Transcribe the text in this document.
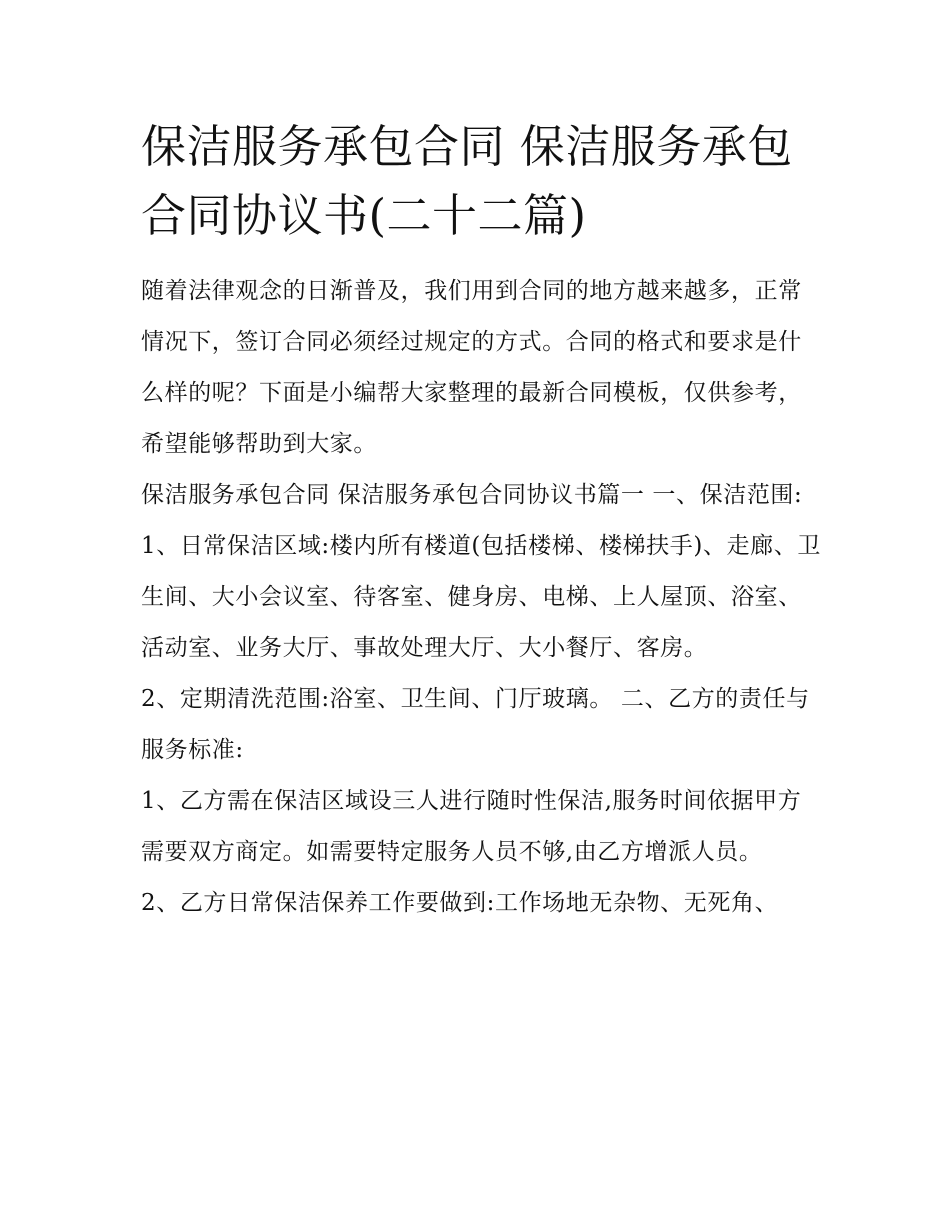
保洁服务承包合同 保洁服务承包合同协议书(二十二篇)

随着法律观念的日渐普及，我们用到合同的地方越来越多，正常情况下，签订合同必须经过规定的方式。合同的格式和要求是什么样的呢？下面是小编帮大家整理的最新合同模板，仅供参考，希望能够帮助到大家。

保洁服务承包合同 保洁服务承包合同协议书篇一 一、保洁范围:

1、日常保洁区域:楼内所有楼道(包括楼梯、楼梯扶手)、走廊、卫生间、大小会议室、待客室、健身房、电梯、上人屋顶、浴室、活动室、业务大厅、事故处理大厅、大小餐厅、客房。

2、定期清洗范围:浴室、卫生间、门厅玻璃。 二、乙方的责任与服务标准:

1、乙方需在保洁区域设三人进行随时性保洁,服务时间依据甲方需要双方商定。如需要特定服务人员不够,由乙方增派人员。

2、乙方日常保洁保养工作要做到:工作场地无杂物、无死角、
